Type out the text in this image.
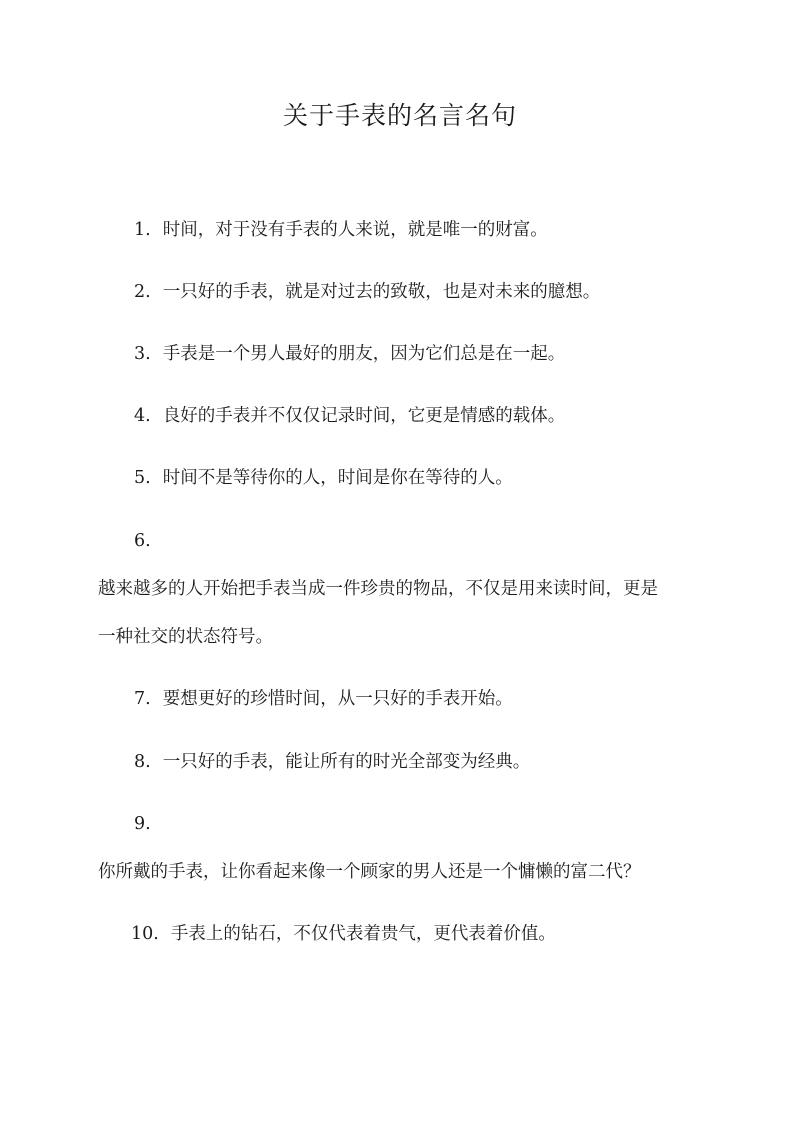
关于手表的名言名句
1. 时间，对于没有手表的人来说，就是唯一的财富。
2. 一只好的手表，就是对过去的致敬，也是对未来的臆想。
3. 手表是一个男人最好的朋友，因为它们总是在一起。
4. 良好的手表并不仅仅记录时间，它更是情感的载体。
5. 时间不是等待你的人，时间是你在等待的人。
6.
越来越多的人开始把手表当成一件珍贵的物品，不仅是用来读时间，更是
一种社交的状态符号。
7. 要想更好的珍惜时间，从一只好的手表开始。
8. 一只好的手表，能让所有的时光全部变为经典。
9.
你所戴的手表，让你看起来像一个顾家的男人还是一个慵懒的富二代？
10. 手表上的钻石，不仅代表着贵气，更代表着价值。
